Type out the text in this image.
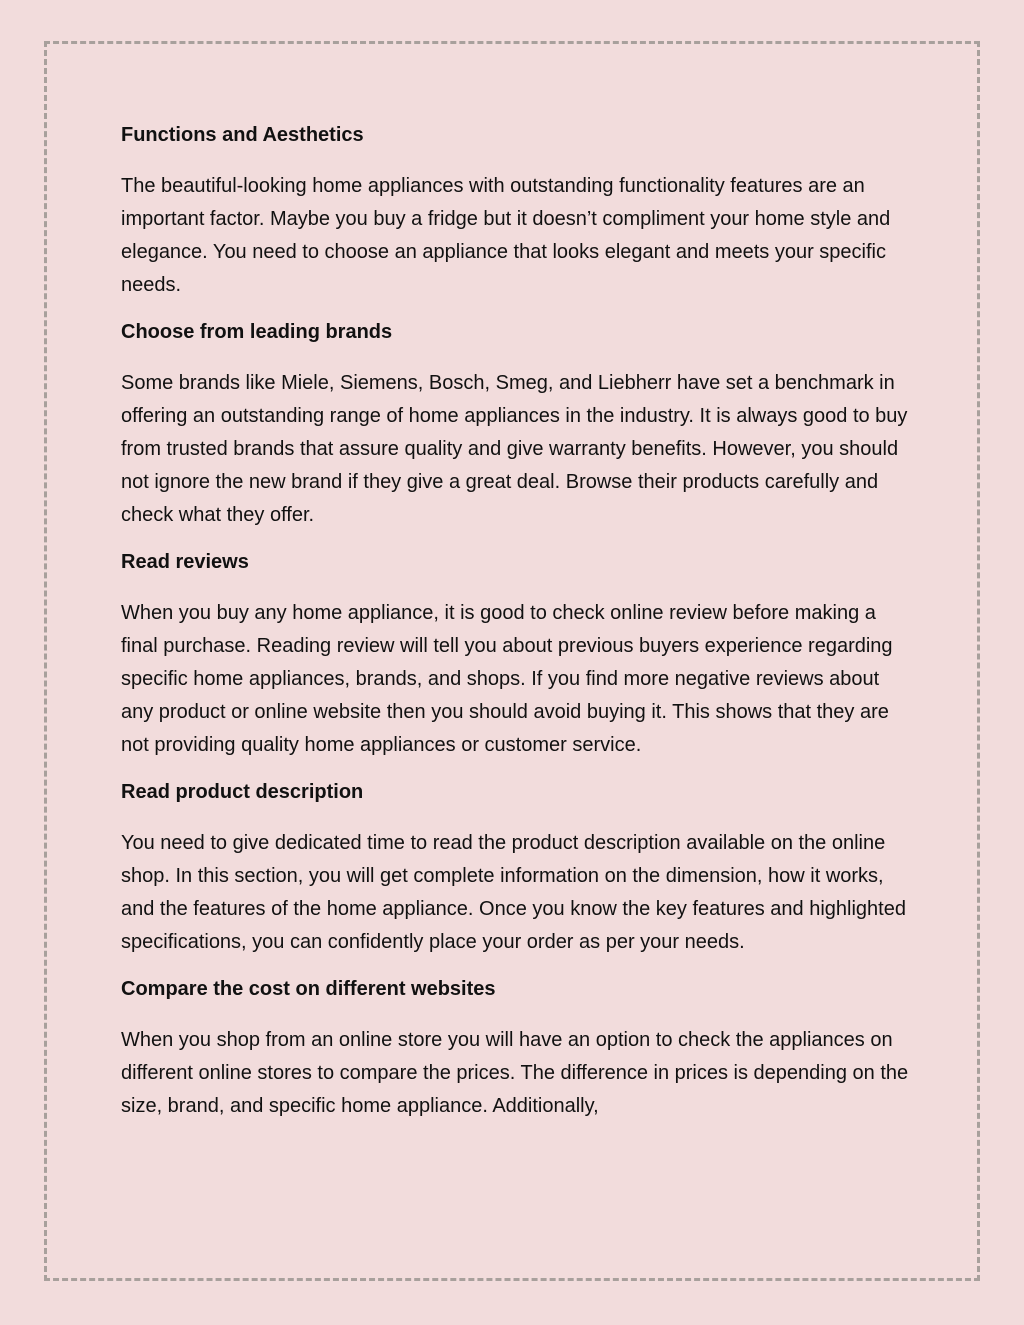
Functions and Aesthetics

The beautiful-looking home appliances with outstanding functionality features are an important factor. Maybe you buy a fridge but it doesn’t compliment your home style and elegance. You need to choose an appliance that looks elegant and meets your specific needs.

Choose from leading brands

Some brands like Miele, Siemens, Bosch, Smeg, and Liebherr have set a benchmark in offering an outstanding range of home appliances in the industry. It is always good to buy from trusted brands that assure quality and give warranty benefits. However, you should not ignore the new brand if they give a great deal. Browse their products carefully and check what they offer.

Read reviews

When you buy any home appliance, it is good to check online review before making a final purchase. Reading review will tell you about previous buyers experience regarding specific home appliances, brands, and shops. If you find more negative reviews about any product or online website then you should avoid buying it. This shows that they are not providing quality home appliances or customer service.

Read product description

You need to give dedicated time to read the product description available on the online shop. In this section, you will get complete information on the dimension, how it works, and the features of the home appliance. Once you know the key features and highlighted specifications, you can confidently place your order as per your needs.

Compare the cost on different websites

When you shop from an online store you will have an option to check the appliances on different online stores to compare the prices. The difference in prices is depending on the size, brand, and specific home appliance. Additionally,
